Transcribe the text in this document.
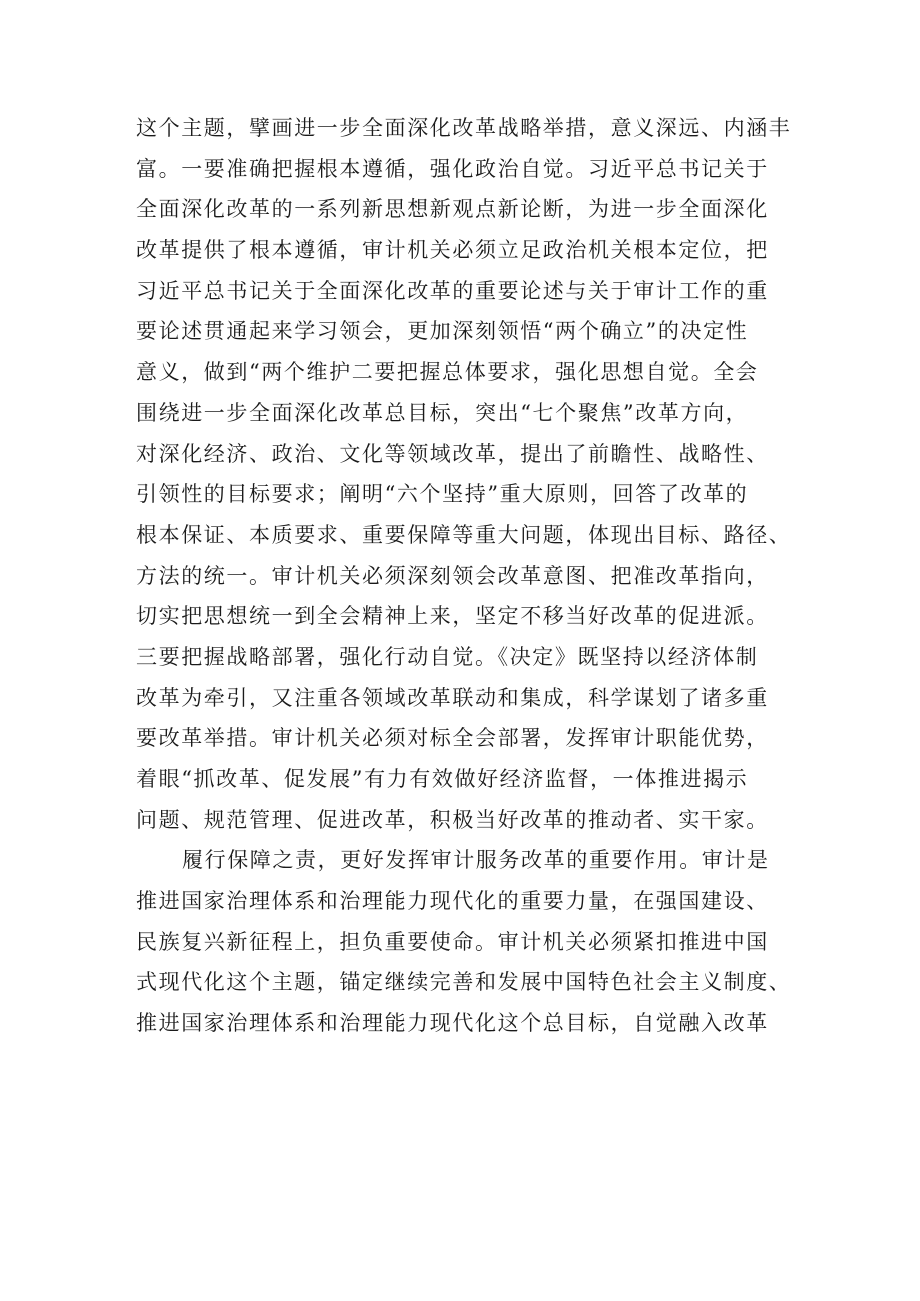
这个主题，擘画进一步全面深化改革战略举措，意义深远、内涵丰
富。一要准确把握根本遵循，强化政治自觉。习近平总书记关于
全面深化改革的一系列新思想新观点新论断，为进一步全面深化
改革提供了根本遵循，审计机关必须立足政治机关根本定位，把
习近平总书记关于全面深化改革的重要论述与关于审计工作的重
要论述贯通起来学习领会，更加深刻领悟“两个确立”的决定性
意义，做到“两个维护二要把握总体要求，强化思想自觉。全会
围绕进一步全面深化改革总目标，突出“七个聚焦”改革方向，
对深化经济、政治、文化等领域改革，提出了前瞻性、战略性、
引领性的目标要求；阐明“六个坚持”重大原则，回答了改革的
根本保证、本质要求、重要保障等重大问题，体现出目标、路径、
方法的统一。审计机关必须深刻领会改革意图、把准改革指向，
切实把思想统一到全会精神上来，坚定不移当好改革的促进派。
三要把握战略部署，强化行动自觉。《决定》既坚持以经济体制
改革为牵引，又注重各领域改革联动和集成，科学谋划了诸多重
要改革举措。审计机关必须对标全会部署，发挥审计职能优势，
着眼“抓改革、促发展”有力有效做好经济监督，一体推进揭示
问题、规范管理、促进改革，积极当好改革的推动者、实干家。
履行保障之责，更好发挥审计服务改革的重要作用。审计是
推进国家治理体系和治理能力现代化的重要力量，在强国建设、
民族复兴新征程上，担负重要使命。审计机关必须紧扣推进中国
式现代化这个主题，锚定继续完善和发展中国特色社会主义制度、
推进国家治理体系和治理能力现代化这个总目标，自觉融入改革
